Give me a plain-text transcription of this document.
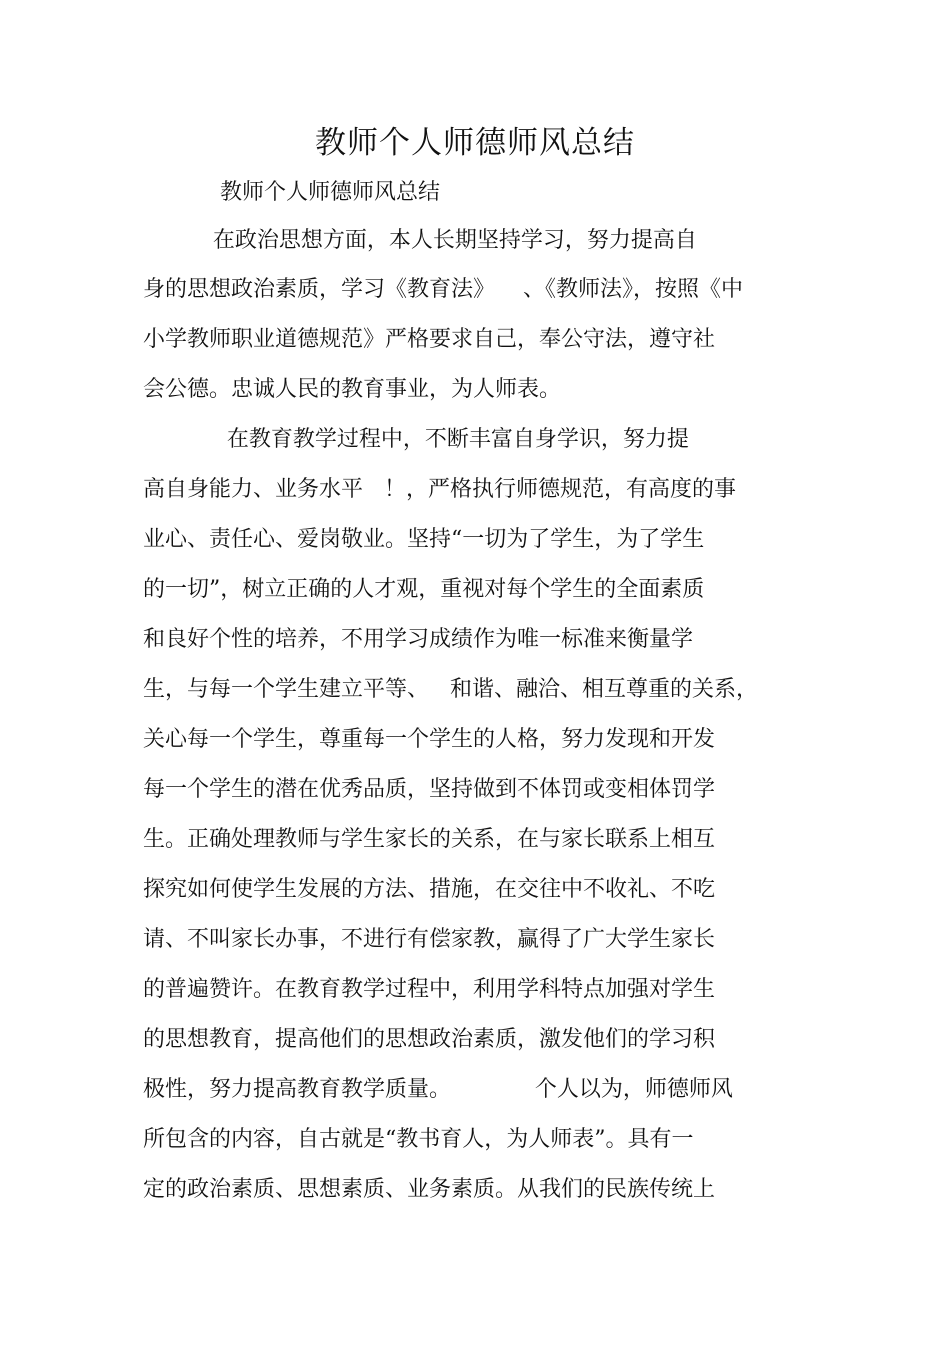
教师个人师德师风总结
教师个人师德师风总结
在政治思想方面，本人长期坚持学习，努力提高自
身的思想政治素质，学习《教育法》    、《教师法》，按照《中
小学教师职业道德规范》严格要求自己，奉公守法，遵守社
会公德。忠诚人民的教育事业，为人师表。
在教育教学过程中，不断丰富自身学识，努力提
高自身能力、业务水平   ！，严格执行师德规范，有高度的事
业心、责任心、爱岗敬业。坚持“一切为了学生，为了学生
的一切”，树立正确的人才观，重视对每个学生的全面素质
和良好个性的培养，不用学习成绩作为唯一标准来衡量学
生，与每一个学生建立平等、   和谐、融洽、相互尊重的关系，
关心每一个学生，尊重每一个学生的人格，努力发现和开发
每一个学生的潜在优秀品质，坚持做到不体罚或变相体罚学
生。正确处理教师与学生家长的关系，在与家长联系上相互
探究如何使学生发展的方法、措施，在交往中不收礼、不吃
请、不叫家长办事，不进行有偿家教，赢得了广大学生家长
的普遍赞许。在教育教学过程中，利用学科特点加强对学生
的思想教育，提高他们的思想政治素质，激发他们的学习积
极性，努力提高教育教学质量。            个人以为，师德师风
所包含的内容，自古就是“教书育人，为人师表”。具有一
定的政治素质、思想素质、业务素质。从我们的民族传统上
